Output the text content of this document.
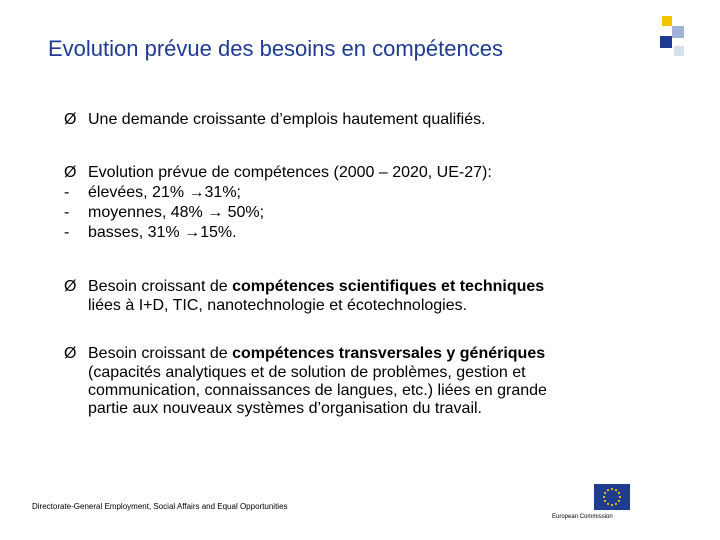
Evolution prévue des besoins en compétences
Ø Une demande croissante d’emplois hautement qualifiés.
Ø Evolution prévue de compétences (2000 – 2020, UE-27):
- élevées, 21% →31%;
- moyennes, 48% → 50%;
- basses, 31% →15%.
Ø Besoin croissant de compétences scientifiques et techniques
liées à I+D, TIC, nanotechnologie et écotechnologies.
Ø Besoin croissant de compétences transversales y génériques
(capacités analytiques et de solution de problèmes, gestion et
communication, connaissances de langues, etc.) liées en grande
partie aux nouveaux systèmes d’organisation du travail.
Directorate-General Employment, Social Affairs and Equal Opportunities
European Commission
